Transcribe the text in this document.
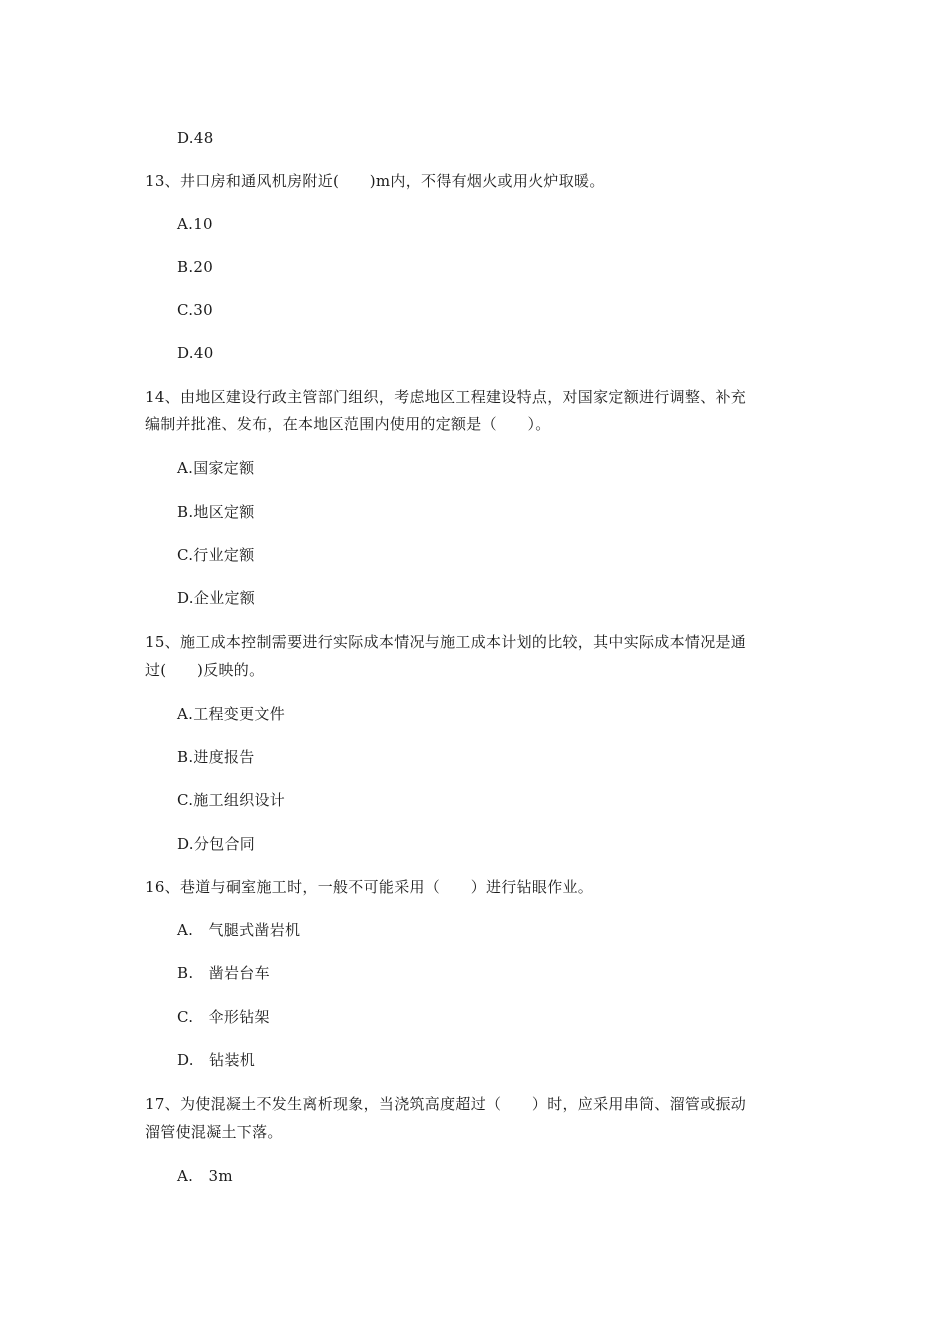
D.48
13、井口房和通风机房附近(　　)m内，不得有烟火或用火炉取暖。
A.10
B.20
C.30
D.40
14、由地区建设行政主管部门组织，考虑地区工程建设特点，对国家定额进行调整、补充
编制并批准、发布，在本地区范围内使用的定额是（　　）。
A.国家定额
B.地区定额
C.行业定额
D.企业定额
15、施工成本控制需要进行实际成本情况与施工成本计划的比较，其中实际成本情况是通
过(　　)反映的。
A.工程变更文件
B.进度报告
C.施工组织设计
D.分包合同
16、巷道与硐室施工时，一般不可能采用（　　）进行钻眼作业。
A.　气腿式凿岩机
B.　凿岩台车
C.　伞形钻架
D.　钻装机
17、为使混凝土不发生离析现象，当浇筑高度超过（　　）时，应采用串筒、溜管或振动
溜管使混凝土下落。
A.　3m
